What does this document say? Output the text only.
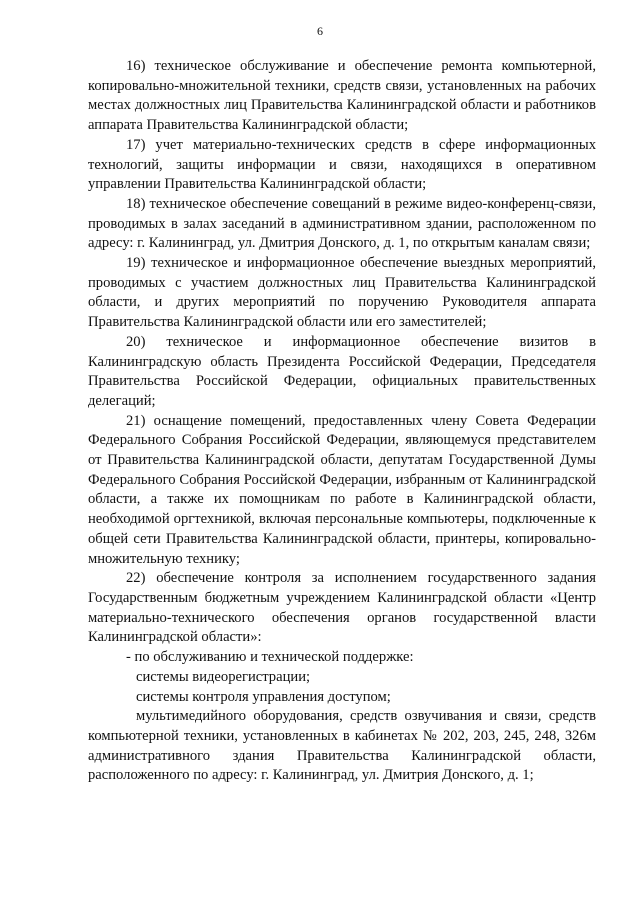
6

16) техническое обслуживание и обеспечение ремонта компьютерной, копировально-множительной техники, средств связи, установленных на рабочих местах должностных лиц Правительства Калининградской области и работников аппарата Правительства Калининградской области;

17) учет материально-технических средств в сфере информационных технологий, защиты информации и связи, находящихся в оперативном управлении Правительства Калининградской области;

18) техническое обеспечение совещаний в режиме видео-конференц-связи, проводимых в залах заседаний в административном здании, расположенном по адресу: г. Калининград, ул. Дмитрия Донского, д. 1, по открытым каналам связи;

19) техническое и информационное обеспечение выездных мероприятий, проводимых с участием должностных лиц Правительства Калининградской области, и других мероприятий по поручению Руководителя аппарата Правительства Калининградской области или его заместителей;

20) техническое и информационное обеспечение визитов в Калининградскую область Президента Российской Федерации, Председателя Правительства Российской Федерации, официальных правительственных делегаций;

21) оснащение помещений, предоставленных члену Совета Федерации Федерального Собрания Российской Федерации, являющемуся представителем от Правительства Калининградской области, депутатам Государственной Думы Федерального Собрания Российской Федерации, избранным от Калининградской области, а также их помощникам по работе в Калининградской области, необходимой оргтехникой, включая персональные компьютеры, подключенные к общей сети Правительства Калининградской области, принтеры, копировально-множительную технику;

22) обеспечение контроля за исполнением государственного задания Государственным бюджетным учреждением Калининградской области «Центр материально-технического обеспечения органов государственной власти Калининградской области»:

- по обслуживанию и технической поддержке:

системы видеорегистрации;

системы контроля управления доступом;

мультимедийного оборудования, средств озвучивания и связи, средств компьютерной техники, установленных в кабинетах № 202, 203, 245, 248, 326м административного здания Правительства Калининградской области, расположенного по адресу: г. Калининград, ул. Дмитрия Донского, д. 1;
